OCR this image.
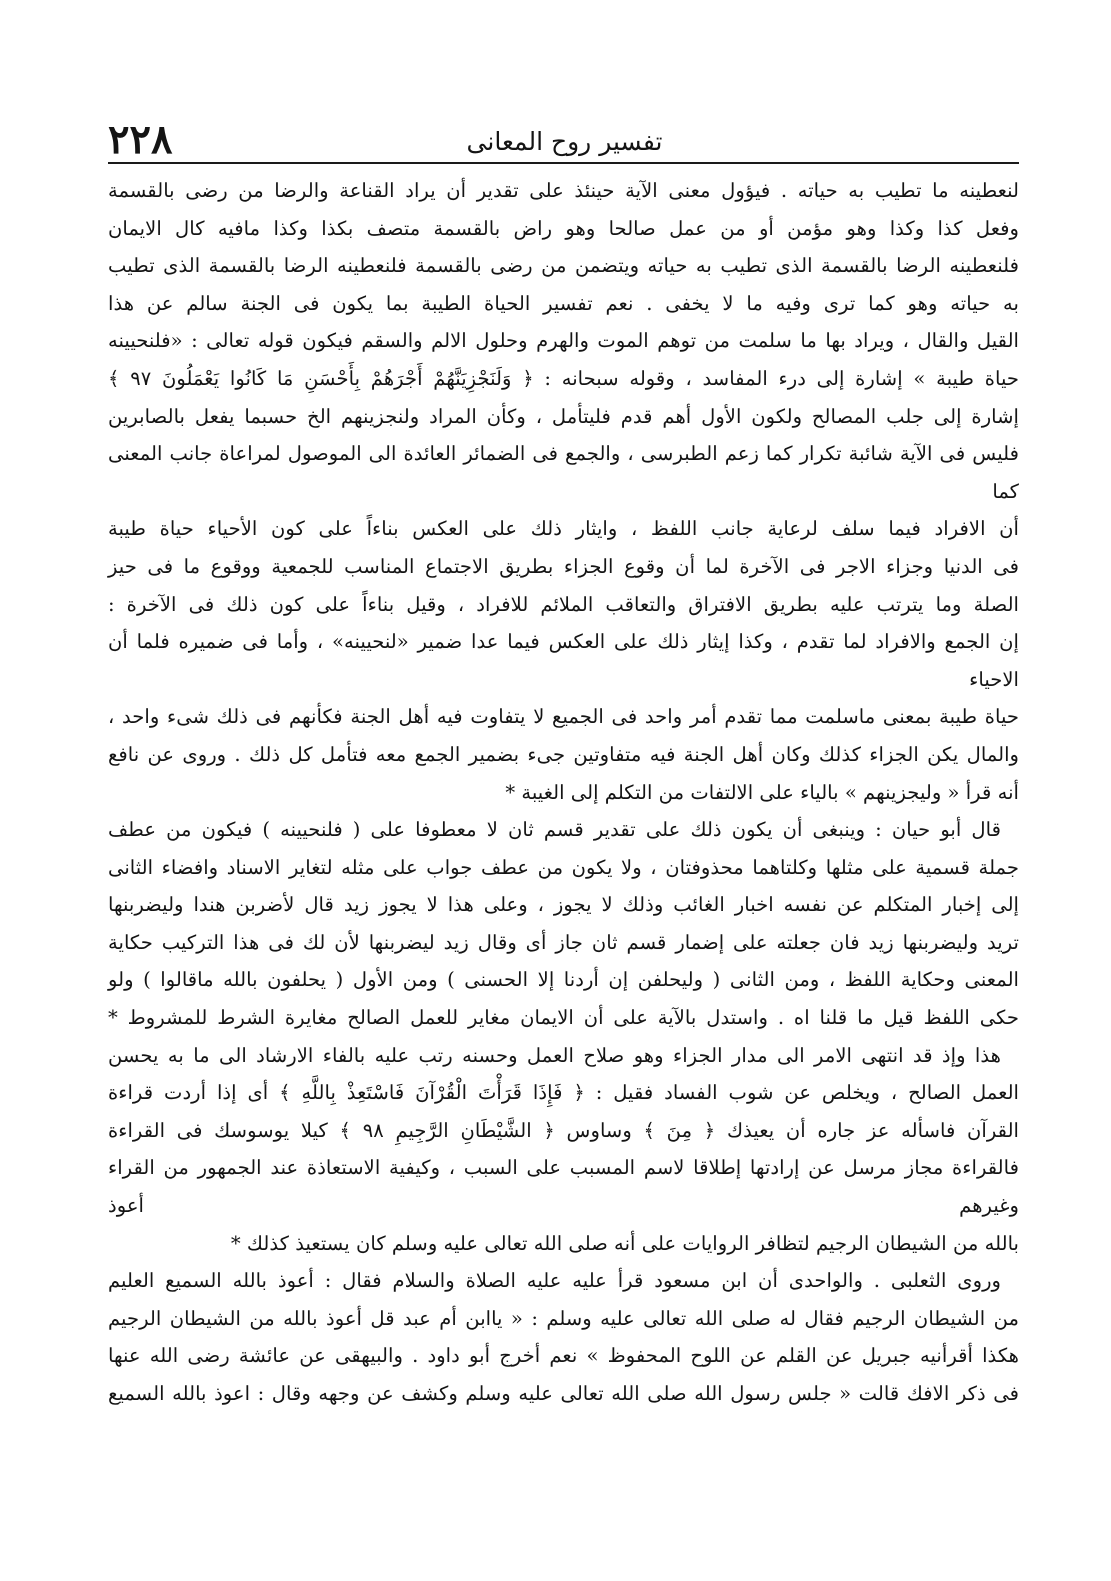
٢٢٨	تفسير روح المعانى

لنعطينه ما تطيب به حياته . فيؤول معنى الآية حينئذ على تقدير أن يراد القناعة والرضا من رضى بالقسمة

وفعل كذا وكذا وهو مؤمن أو من عمل صالحا وهو راض بالقسمة متصف بكذا وكذا مافيه كال الايمان

فلنعطينه الرضا بالقسمة الذى تطيب به حياته ويتضمن من رضى بالقسمة فلنعطينه الرضا بالقسمة الذى تطيب

به حياته وهو كما ترى وفيه ما لا يخفى . نعم تفسير الحياة الطيبة بما يكون فى الجنة سالم عن هذا

القيل والقال ، ويراد بها ما سلمت من توهم الموت والهرم وحلول الالم والسقم فيكون قوله تعالى : «فلنحيينه

حياة طيبة » إشارة إلى درء المفاسد ، وقوله سبحانه : ﴿ وَلَنَجْزِيَنَّهُمْ أَجْرَهُمْ بِأَحْسَنِ مَا كَانُوا يَعْمَلُونَ ٩٧ ﴾

إشارة إلى جلب المصالح ولكون الأول أهم قدم فليتأمل ، وكأن المراد ولنجزينهم الخ حسبما يفعل بالصابرين

فليس فى الآية شائبة تكرار كما زعم الطبرسى ، والجمع فى الضمائر العائدة الى الموصول لمراعاة جانب المعنى كما

أن الافراد فيما سلف لرعاية جانب اللفظ ، وايثار ذلك على العكس بناءاً على كون الأحياء حياة طيبة

فى الدنيا وجزاء الاجر فى الآخرة لما أن وقوع الجزاء بطريق الاجتماع المناسب للجمعية ووقوع ما فى حيز

الصلة وما يترتب عليه بطريق الافتراق والتعاقب الملائم للافراد ، وقيل بناءاً على كون ذلك فى الآخرة :

إن الجمع والافراد لما تقدم ، وكذا إيثار ذلك على العكس فيما عدا ضمير «لنحيينه» ، وأما فى ضميره فلما أن الاحياء

حياة طيبة بمعنى ماسلمت مما تقدم أمر واحد فى الجميع لا يتفاوت فيه أهل الجنة فكأنهم فى ذلك شىء واحد ،

والمال يكن الجزاء كذلك وكان أهل الجنة فيه متفاوتين جىء بضمير الجمع معه فتأمل كل ذلك . وروى عن نافع

أنه قرأ « وليجزينهم » بالياء على الالتفات من التكلم إلى الغيبة *

قال أبو حيان : وينبغى أن يكون ذلك على تقدير قسم ثان لا معطوفا على ( فلنحيينه ) فيكون من عطف

جملة قسمية على مثلها وكلتاهما محذوفتان ، ولا يكون من عطف جواب على مثله لتغاير الاسناد وافضاء الثانى

إلى إخبار المتكلم عن نفسه اخبار الغائب وذلك لا يجوز ، وعلى هذا لا يجوز زيد قال لأضربن هندا وليضربنها

تريد وليضربنها زيد فان جعلته على إضمار قسم ثان جاز أى وقال زيد ليضربنها لأن لك فى هذا التركيب حكاية

المعنى وحكاية اللفظ ، ومن الثانى ( وليحلفن إن أردنا إلا الحسنى ) ومن الأول ( يحلفون بالله ماقالوا ) ولو

حكى اللفظ قيل ما قلنا اه . واستدل بالآية على أن الايمان مغاير للعمل الصالح مغايرة الشرط للمشروط *

هذا وإذ قد انتهى الامر الى مدار الجزاء وهو صلاح العمل وحسنه رتب عليه بالفاء الارشاد الى ما به يحسن

العمل الصالح ، ويخلص عن شوب الفساد فقيل : ﴿ فَإِذَا قَرَأْتَ الْقُرْآنَ فَاسْتَعِذْ بِاللَّهِ ﴾ أى إذا أردت قراءة

القرآن فاسأله عز جاره أن يعيذك ﴿ مِنَ ﴾ وساوس ﴿ الشَّيْطَانِ الرَّجِيمِ ٩٨ ﴾ كيلا يوسوسك فى القراءة

فالقراءة مجاز مرسل عن إرادتها إطلاقا لاسم المسبب على السبب ، وكيفية الاستعاذة عند الجمهور من القراء وغيرهم أعوذ

بالله من الشيطان الرجيم لتظافر الروايات على أنه صلى الله تعالى عليه وسلم كان يستعيذ كذلك *

وروى الثعلبى . والواحدى أن ابن مسعود قرأ عليه عليه الصلاة والسلام فقال : أعوذ بالله السميع العليم

من الشيطان الرجيم فقال له صلى الله تعالى عليه وسلم : « ياابن أم عبد قل أعوذ بالله من الشيطان الرجيم

هكذا أقرأنيه جبريل عن القلم عن اللوح المحفوظ » نعم أخرج أبو داود . والبيهقى عن عائشة رضى الله عنها

فى ذكر الافك قالت « جلس رسول الله صلى الله تعالى عليه وسلم وكشف عن وجهه وقال : اعوذ بالله السميع
